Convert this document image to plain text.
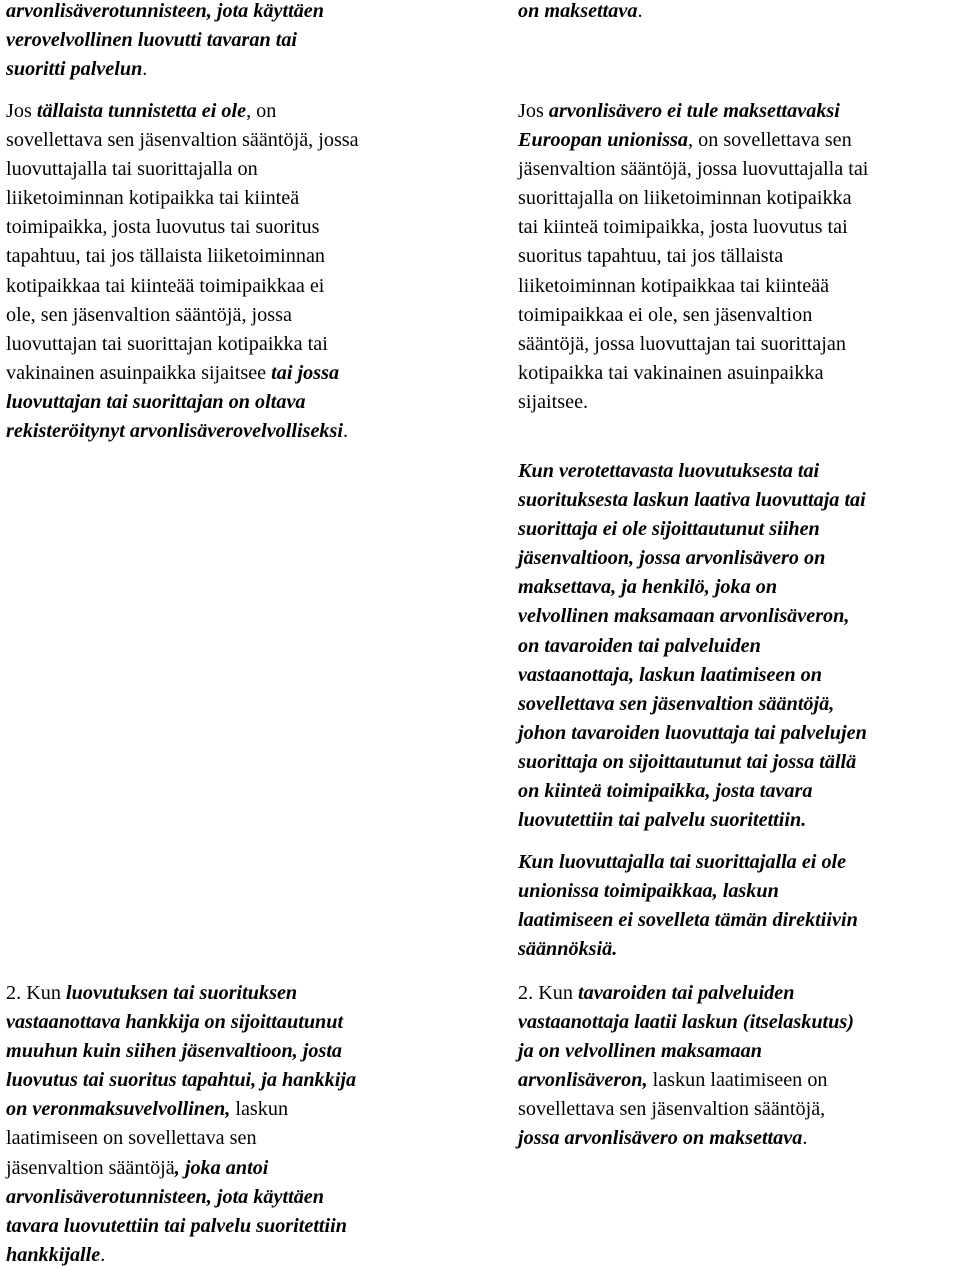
arvonlisäverotunnisteen, jota käyttäen
verovelvollinen luovutti tavaran tai
suoritti palvelun.

Jos tällaista tunnistetta ei ole, on
sovellettava sen jäsenvaltion sääntöjä, jossa
luovuttajalla tai suorittajalla on
liiketoiminnan kotipaikka tai kiinteä
toimipaikka, josta luovutus tai suoritus
tapahtuu, tai jos tällaista liiketoiminnan
kotipaikkaa tai kiinteää toimipaikkaa ei
ole, sen jäsenvaltion sääntöjä, jossa
luovuttajan tai suorittajan kotipaikka tai
vakinainen asuinpaikka sijaitsee tai jossa
luovuttajan tai suorittajan on oltava
rekisteröitynyt arvonlisäverovelvolliseksi.

2. Kun luovutuksen tai suorituksen
vastaanottava hankkija on sijoittautunut
muuhun kuin siihen jäsenvaltioon, josta
luovutus tai suoritus tapahtui, ja hankkija
on veronmaksuvelvollinen, laskun
laatimiseen on sovellettava sen
jäsenvaltion sääntöjä, joka antoi
arvonlisäverotunnisteen, jota käyttäen
tavara luovutettiin tai palvelu suoritettiin
hankkijalle.

on maksettava.

Jos arvonlisävero ei tule maksettavaksi
Euroopan unionissa, on sovellettava sen
jäsenvaltion sääntöjä, jossa luovuttajalla tai
suorittajalla on liiketoiminnan kotipaikka
tai kiinteä toimipaikka, josta luovutus tai
suoritus tapahtuu, tai jos tällaista
liiketoiminnan kotipaikkaa tai kiinteää
toimipaikkaa ei ole, sen jäsenvaltion
sääntöjä, jossa luovuttajan tai suorittajan
kotipaikka tai vakinainen asuinpaikka
sijaitsee.

Kun verotettavasta luovutuksesta tai
suorituksesta laskun laativa luovuttaja tai
suorittaja ei ole sijoittautunut siihen
jäsenvaltioon, jossa arvonlisävero on
maksettava, ja henkilö, joka on
velvollinen maksamaan arvonlisäveron,
on tavaroiden tai palveluiden
vastaanottaja, laskun laatimiseen on
sovellettava sen jäsenvaltion sääntöjä,
johon tavaroiden luovuttaja tai palvelujen
suorittaja on sijoittautunut tai jossa tällä
on kiinteä toimipaikka, josta tavara
luovutettiin tai palvelu suoritettiin.

Kun luovuttajalla tai suorittajalla ei ole
unionissa toimipaikkaa, laskun
laatimiseen ei sovelleta tämän direktiivin
säännöksiä.

2. Kun tavaroiden tai palveluiden
vastaanottaja laatii laskun (itselaskutus)
ja on velvollinen maksamaan
arvonlisäveron, laskun laatimiseen on
sovellettava sen jäsenvaltion sääntöjä,
jossa arvonlisävero on maksettava.
